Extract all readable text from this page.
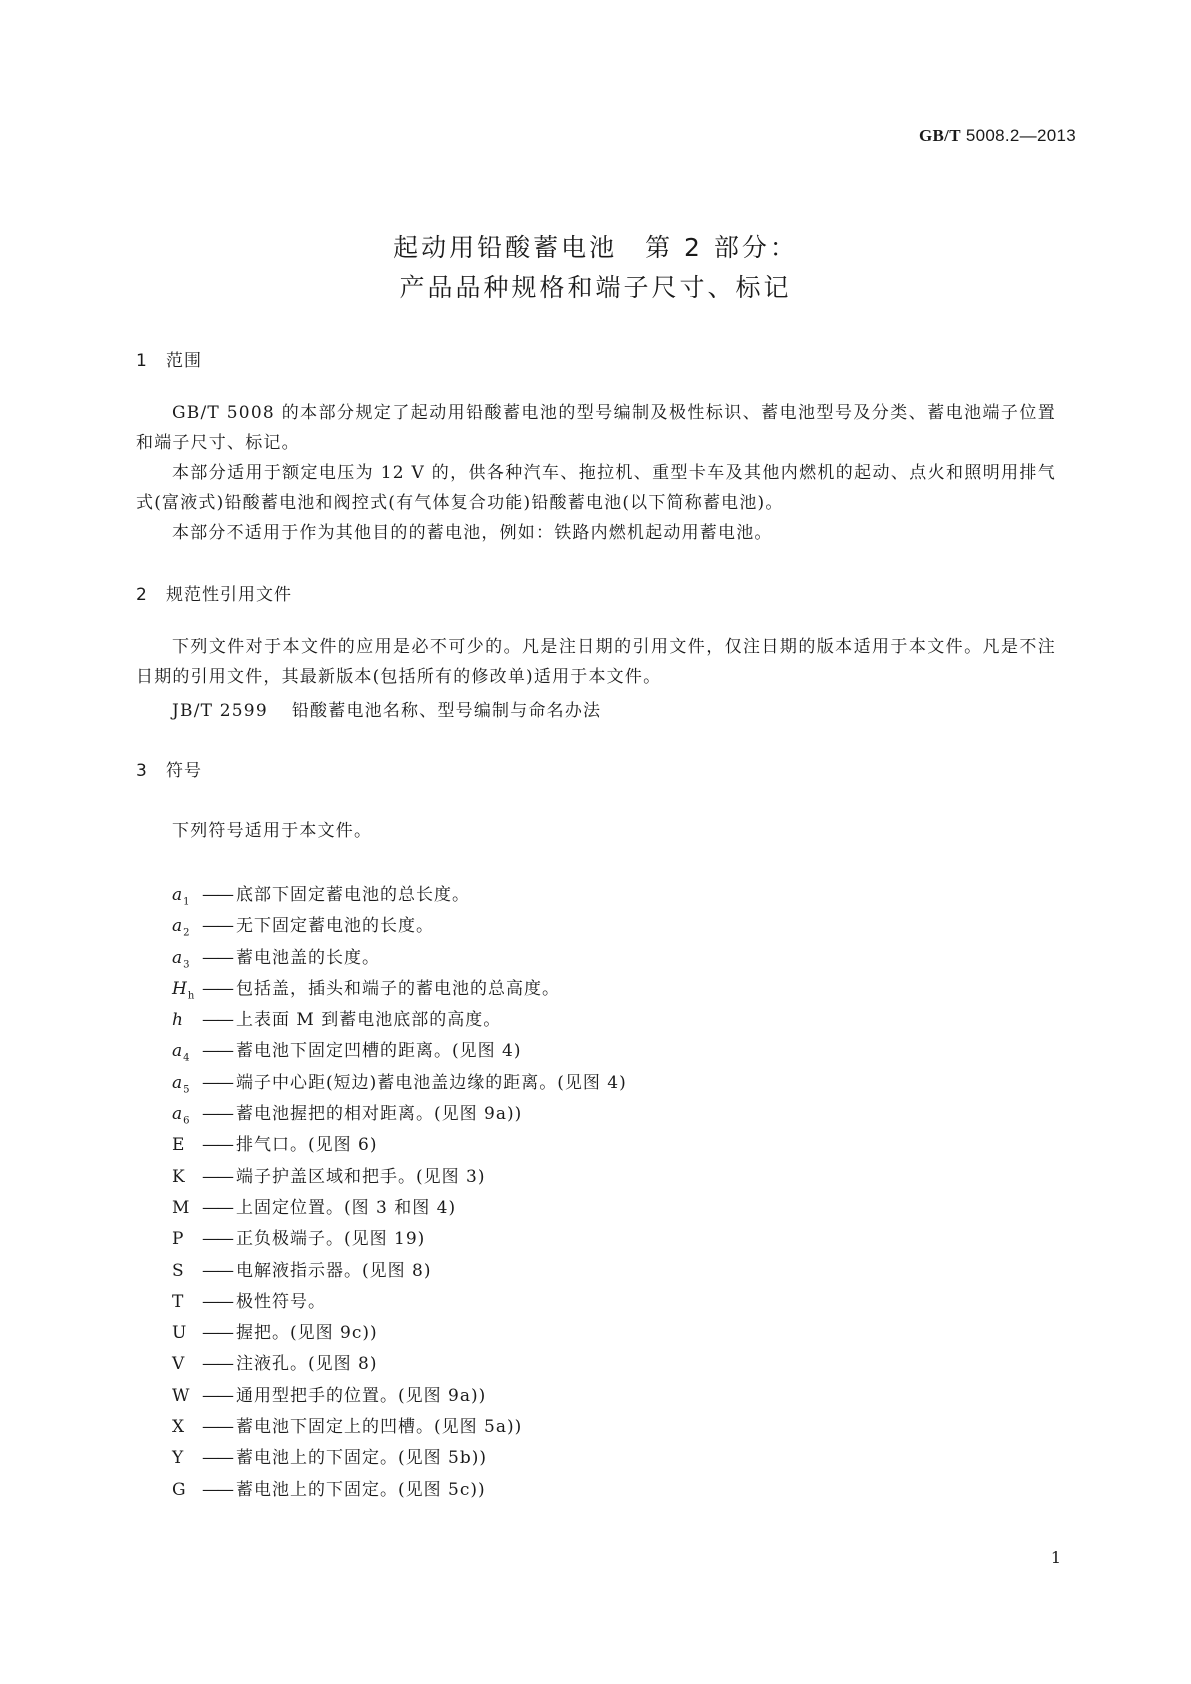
GB/T 5008.2—2013
起动用铅酸蓄电池　第 2 部分：
产品品种规格和端子尺寸、标记
1 范围
GB/T 5008 的本部分规定了起动用铅酸蓄电池的型号编制及极性标识、蓄电池型号及分类、蓄电池端子位置和端子尺寸、标记。
本部分适用于额定电压为 12 V 的，供各种汽车、拖拉机、重型卡车及其他内燃机的起动、点火和照明用排气式(富液式)铅酸蓄电池和阀控式(有气体复合功能)铅酸蓄电池(以下简称蓄电池)。
本部分不适用于作为其他目的的蓄电池，例如：铁路内燃机起动用蓄电池。
2 规范性引用文件
下列文件对于本文件的应用是必不可少的。凡是注日期的引用文件，仅注日期的版本适用于本文件。凡是不注日期的引用文件，其最新版本(包括所有的修改单)适用于本文件。
JB/T 2599 铅酸蓄电池名称、型号编制与命名办法
3 符号
下列符号适用于本文件。
$a_1$ —— 底部下固定蓄电池的总长度。
$a_2$ —— 无下固定蓄电池的长度。
$a_3$ —— 蓄电池盖的长度。
$H_h$ —— 包括盖，插头和端子的蓄电池的总高度。
h —— 上表面 M 到蓄电池底部的高度。
$a_4$ —— 蓄电池下固定凹槽的距离。(见图 4)
$a_5$ —— 端子中心距(短边)蓄电池盖边缘的距离。(见图 4)
$a_6$ —— 蓄电池握把的相对距离。(见图 9a))
E —— 排气口。(见图 6)
K —— 端子护盖区域和把手。(见图 3)
M —— 上固定位置。(图 3 和图 4)
P —— 正负极端子。(见图 19)
S —— 电解液指示器。(见图 8)
T —— 极性符号。
U —— 握把。(见图 9c))
V —— 注液孔。(见图 8)
W —— 通用型把手的位置。(见图 9a))
X —— 蓄电池下固定上的凹槽。(见图 5a))
Y —— 蓄电池上的下固定。(见图 5b))
G —— 蓄电池上的下固定。(见图 5c))
1
